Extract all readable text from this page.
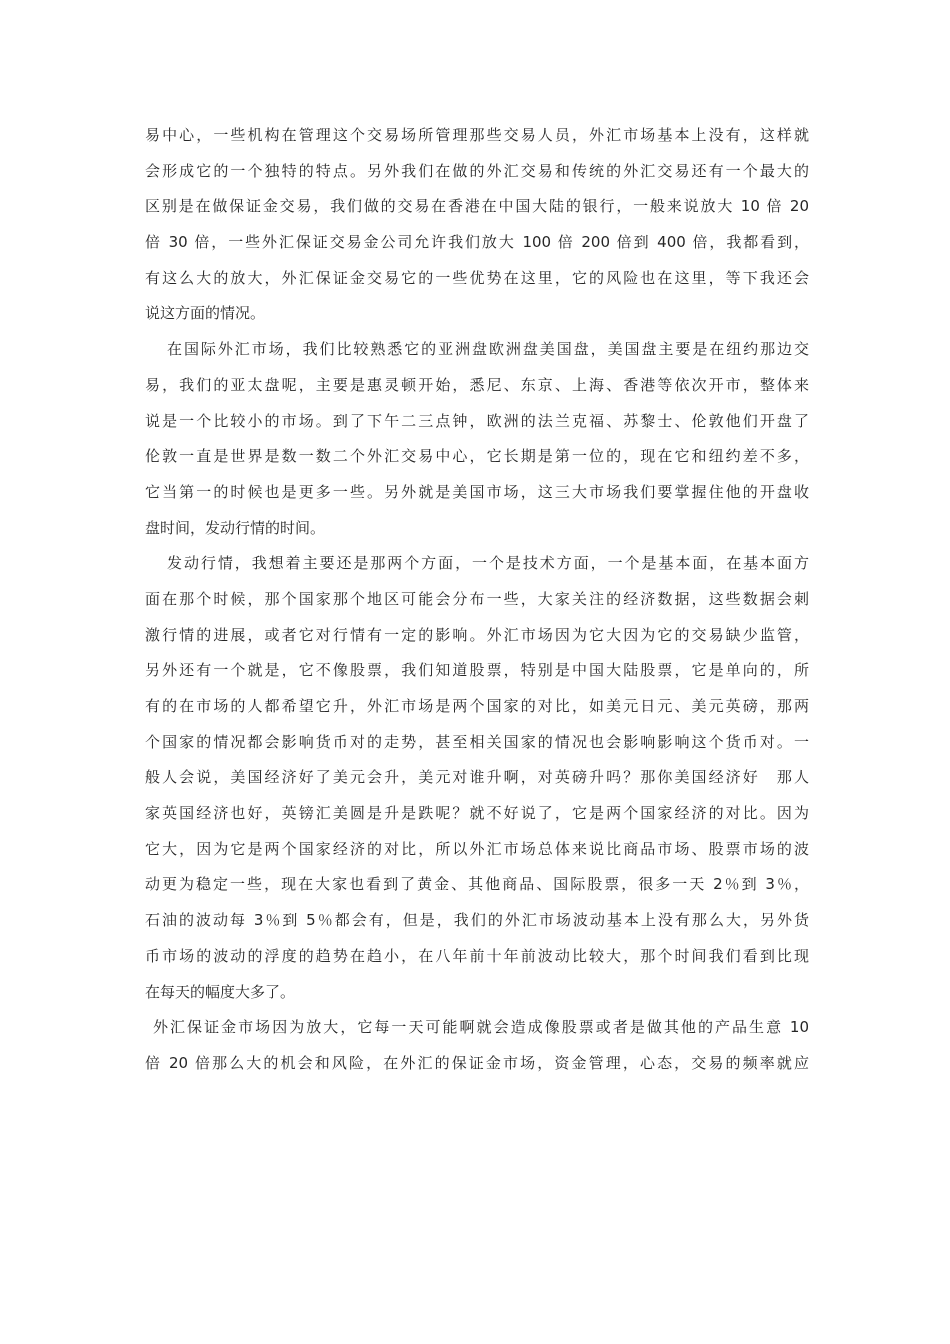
易中心，一些机构在管理这个交易场所管理那些交易人员，外汇市场基本上没有，这样就
会形成它的一个独特的特点。另外我们在做的外汇交易和传统的外汇交易还有一个最大的
区别是在做保证金交易，我们做的交易在香港在中国大陆的银行，一般来说放大 10 倍 20
倍 30 倍，一些外汇保证交易金公司允许我们放大 100 倍 200 倍到 400 倍，我都看到，
有这么大的放大，外汇保证金交易它的一些优势在这里，它的风险也在这里，等下我还会
说这方面的情况。
在国际外汇市场，我们比较熟悉它的亚洲盘欧洲盘美国盘，美国盘主要是在纽约那边交
易，我们的亚太盘呢，主要是惠灵顿开始，悉尼、东京、上海、香港等依次开市，整体来
说是一个比较小的市场。到了下午二三点钟，欧洲的法兰克福、苏黎士、伦敦他们开盘了
伦敦一直是世界是数一数二个外汇交易中心，它长期是第一位的，现在它和纽约差不多，
它当第一的时候也是更多一些。另外就是美国市场，这三大市场我们要掌握住他的开盘收
盘时间，发动行情的时间。
发动行情，我想着主要还是那两个方面，一个是技术方面，一个是基本面，在基本面方
面在那个时候，那个国家那个地区可能会分布一些，大家关注的经济数据，这些数据会刺
激行情的进展，或者它对行情有一定的影响。外汇市场因为它大因为它的交易缺少监管，
另外还有一个就是，它不像股票，我们知道股票，特别是中国大陆股票，它是单向的，所
有的在市场的人都希望它升，外汇市场是两个国家的对比，如美元日元、美元英磅，那两
个国家的情况都会影响货币对的走势，甚至相关国家的情况也会影响影响这个货币对。一
般人会说，美国经济好了美元会升，美元对谁升啊，对英磅升吗？那你美国经济好　那人
家英国经济也好，英镑汇美圆是升是跌呢？就不好说了，它是两个国家经济的对比。因为
它大，因为它是两个国家经济的对比，所以外汇市场总体来说比商品市场、股票市场的波
动更为稳定一些，现在大家也看到了黄金、其他商品、国际股票，很多一天 2％到 3％，
石油的波动每 3％到 5％都会有，但是，我们的外汇市场波动基本上没有那么大，另外货
币市场的波动的浮度的趋势在趋小，在八年前十年前波动比较大，那个时间我们看到比现
在每天的幅度大多了。
外汇保证金市场因为放大，它每一天可能啊就会造成像股票或者是做其他的产品生意 10
倍 20 倍那么大的机会和风险，在外汇的保证金市场，资金管理，心态，交易的频率就应
